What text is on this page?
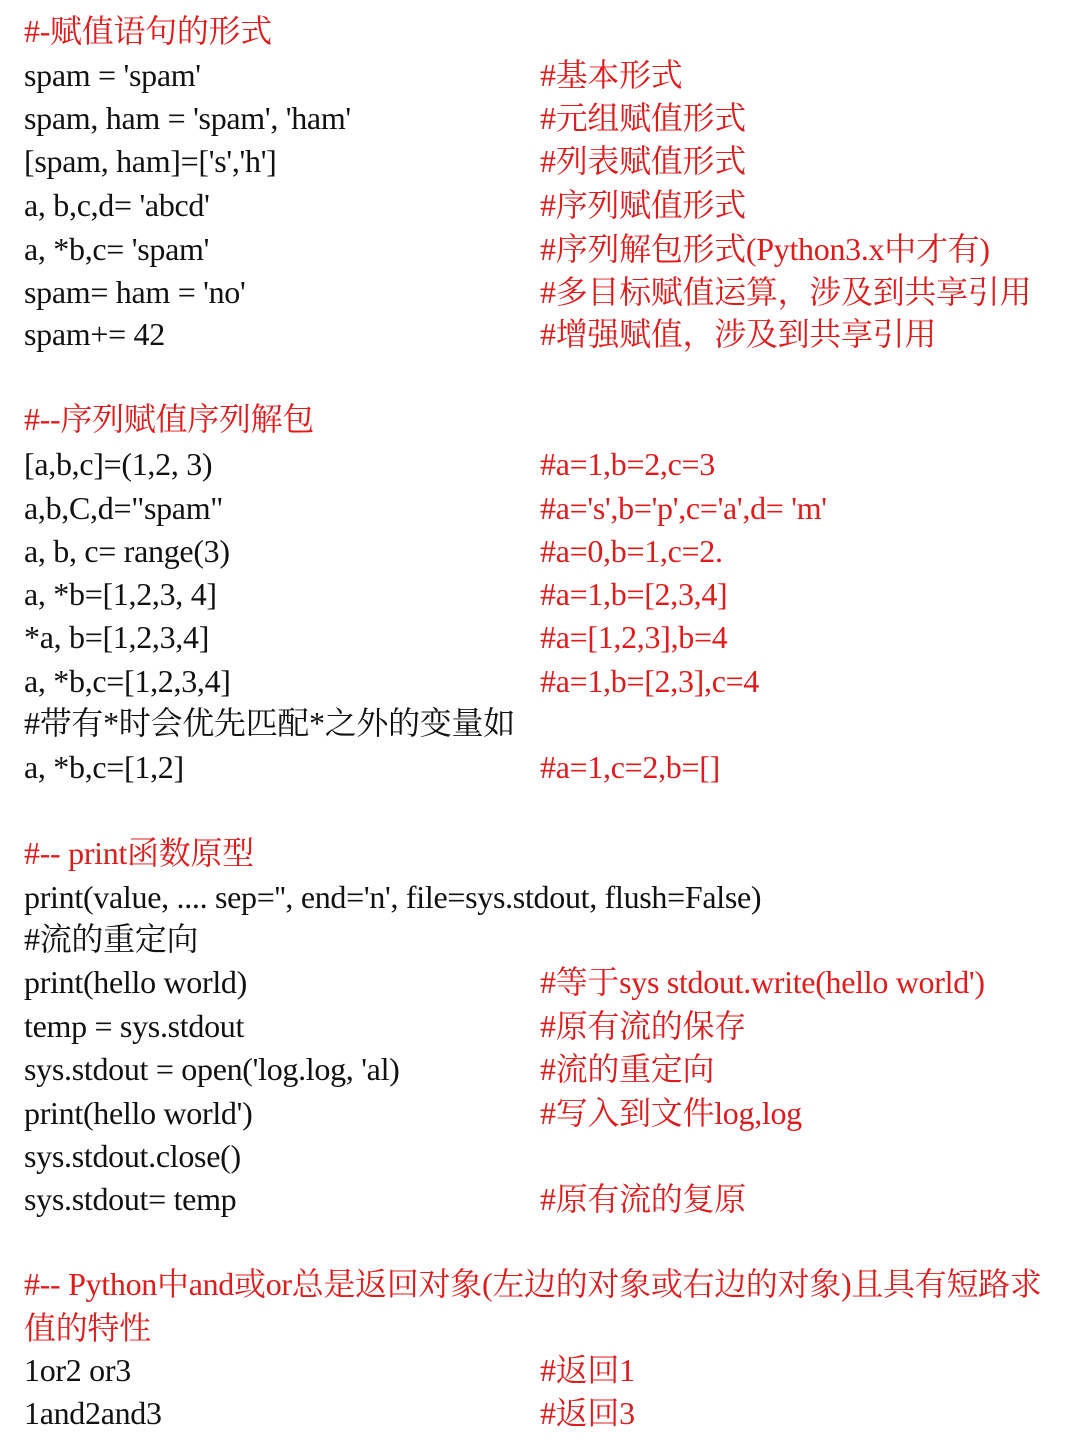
#-赋值语句的形式
spam = 'spam'	#基本形式
spam, ham = 'spam', 'ham'	#元组赋值形式
[spam, ham]=['s','h']	#列表赋值形式
a, b,c,d= 'abcd'	#序列赋值形式
a, *b,c= 'spam'	#序列解包形式(Python3.x中才有)
spam= ham = 'no'	#多目标赋值运算，涉及到共享引用
spam+= 42	#增强赋值，涉及到共享引用
#--序列赋值序列解包
[a,b,c]=(1,2, 3)	#a=1,b=2,c=3
a,b,C,d="spam"	#a='s',b='p',c='a',d= 'm'
a, b, c= range(3)	#a=0,b=1,c=2.
a, *b=[1,2,3, 4]	#a=1,b=[2,3,4]
*a, b=[1,2,3,4]	#a=[1,2,3],b=4
a, *b,c=[1,2,3,4]	#a=1,b=[2,3],c=4
#带有*时会优先匹配*之外的变量如
a, *b,c=[1,2]	#a=1,c=2,b=[]
#-- print函数原型
print(value, .... sep='', end='n', file=sys.stdout, flush=False)
#流的重定向
print(hello world)	#等于sys stdout.write(hello world')
temp = sys.stdout	#原有流的保存
sys.stdout = open('log.log, 'al)	#流的重定向
print(hello world')	#写入到文件log,log
sys.stdout.close()
sys.stdout= temp	#原有流的复原
#-- Python中and或or总是返回对象(左边的对象或右边的对象)且具有短路求值的特性
1or2 or3	#返回1
1and2and3	#返回3
